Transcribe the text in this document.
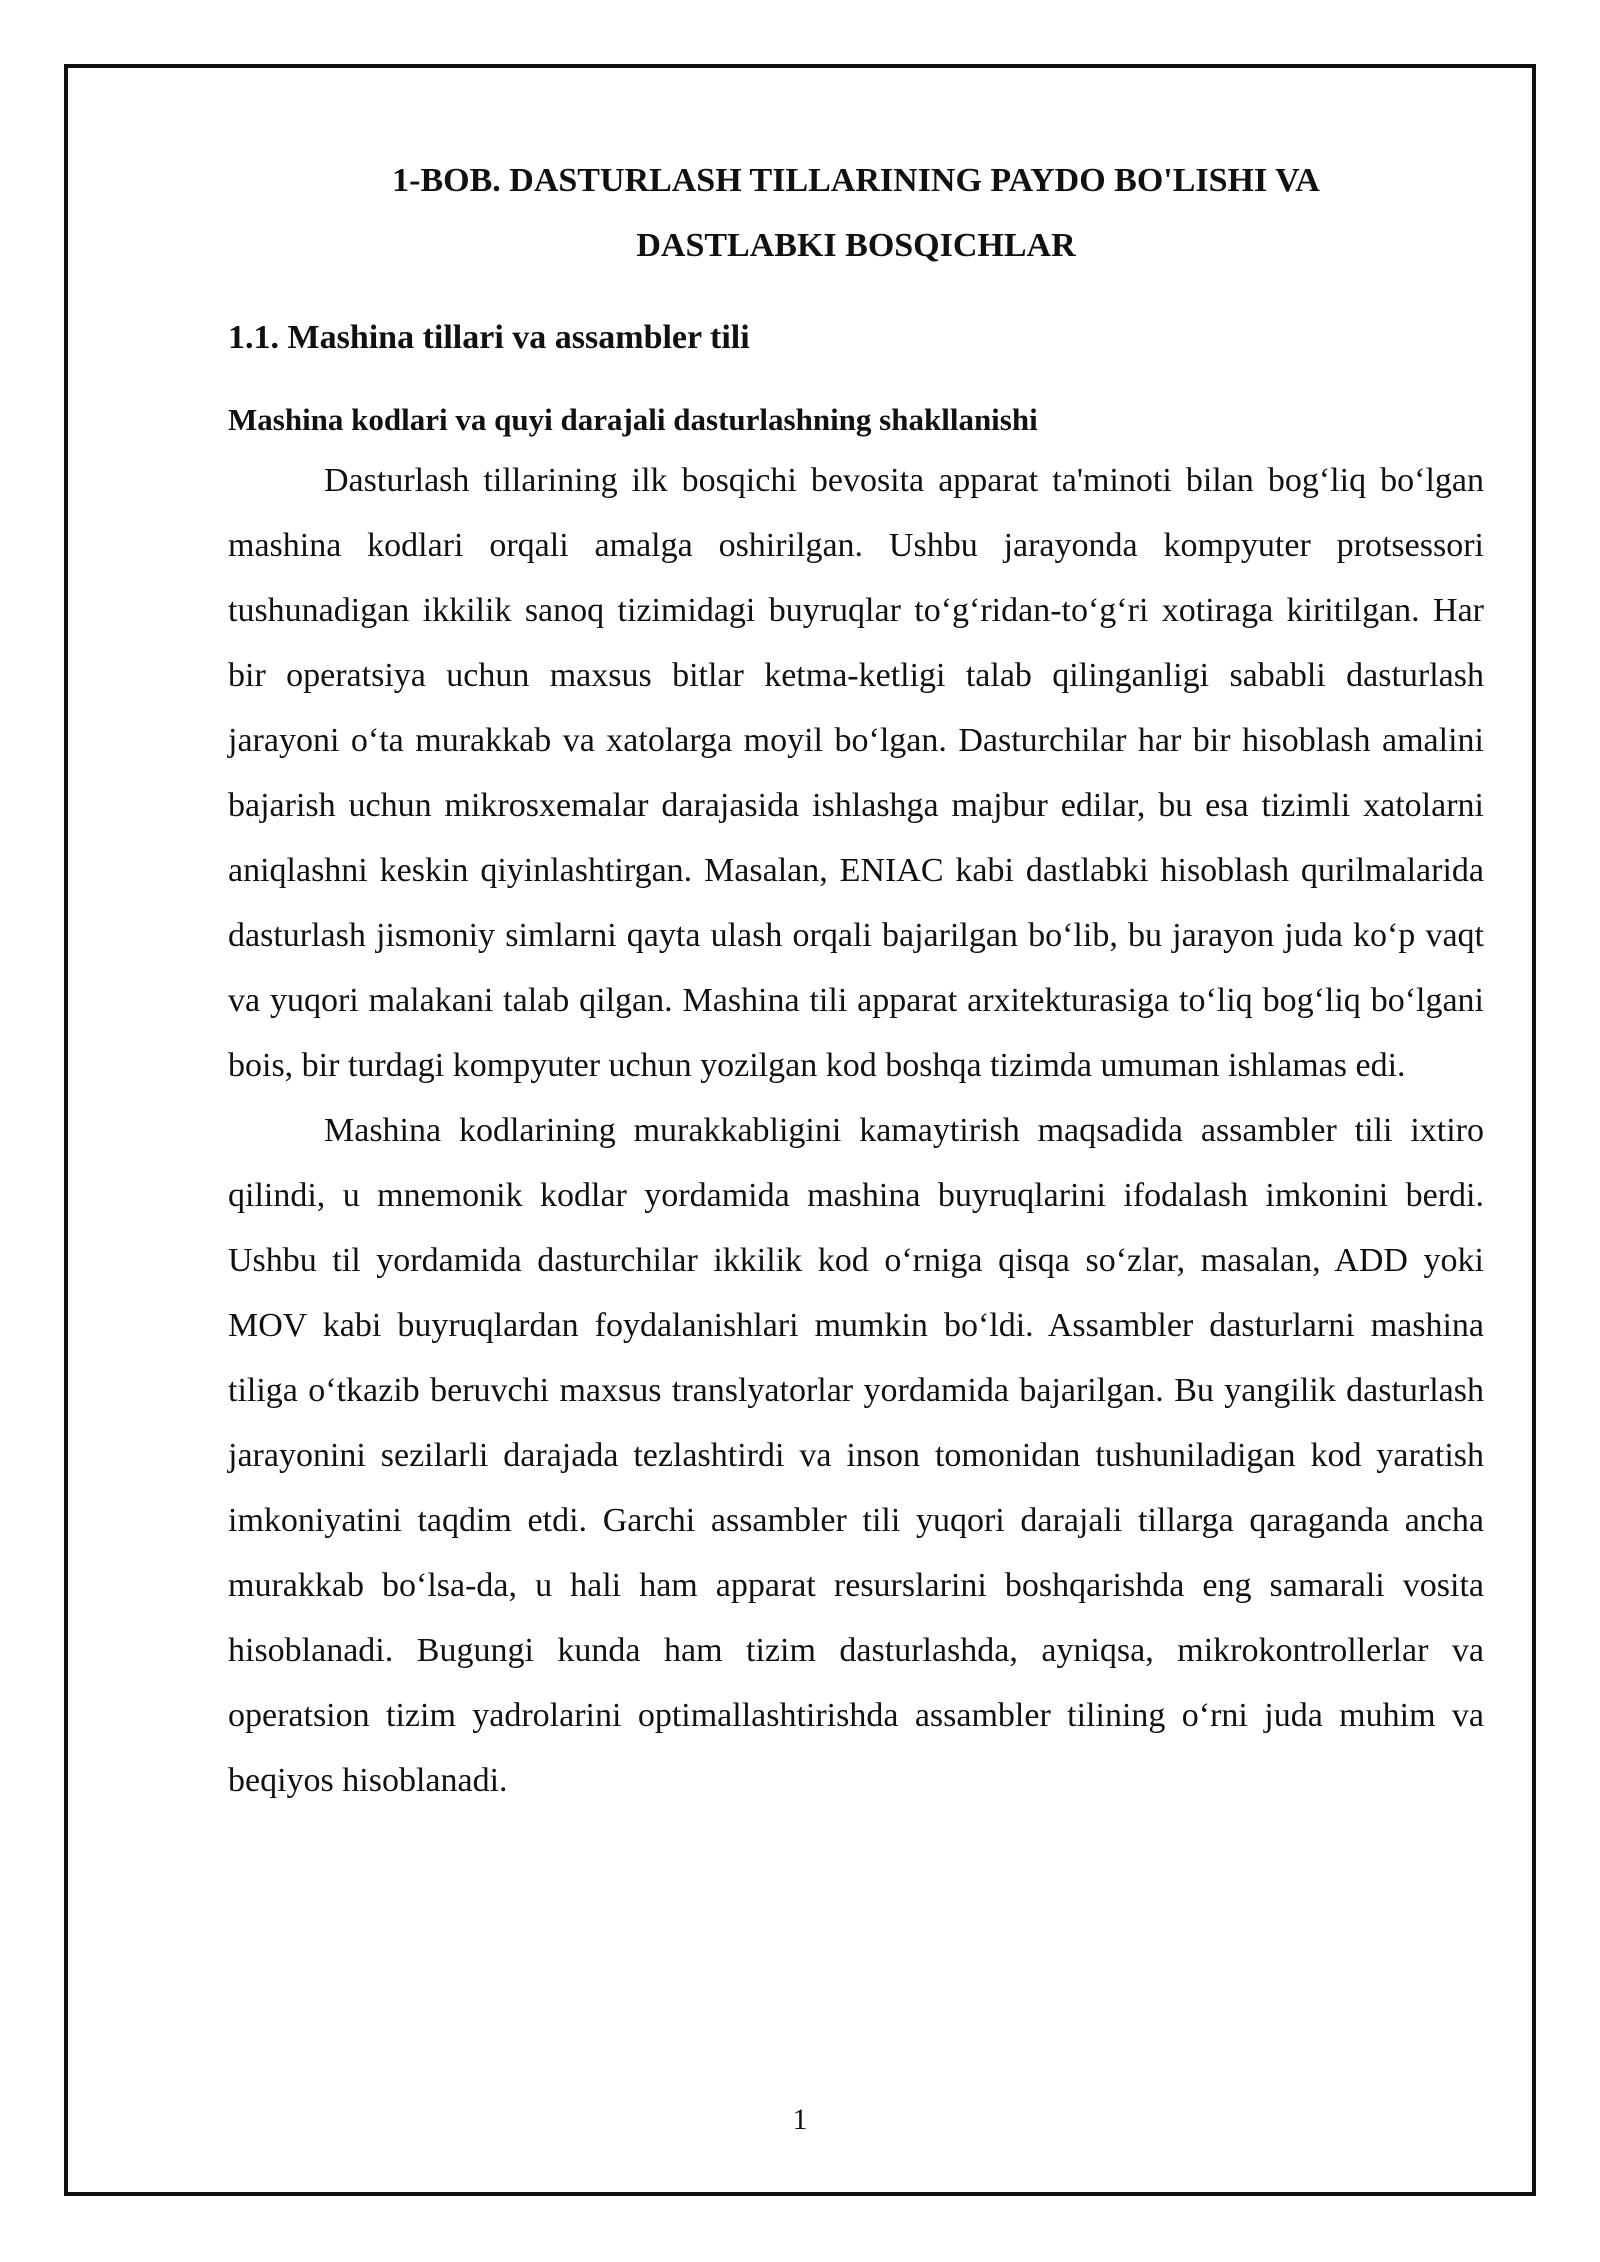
1-BOB. DASTURLASH TILLARINING PAYDO BO'LISHI VA
DASTLABKI BOSQICHLAR
1.1. Mashina tillari va assambler tili
Mashina kodlari va quyi darajali dasturlashning shakllanishi

Dasturlash tillarining ilk bosqichi bevosita apparat ta'minoti bilan bog‘liq bo‘lgan mashina kodlari orqali amalga oshirilgan. Ushbu jarayonda kompyuter protsessori tushunadigan ikkilik sanoq tizimidagi buyruqlar to‘g‘ridan-to‘g‘ri xotiraga kiritilgan. Har bir operatsiya uchun maxsus bitlar ketma-ketligi talab qilinganligi sababli dasturlash jarayoni o‘ta murakkab va xatolarga moyil bo‘lgan. Dasturchilar har bir hisoblash amalini bajarish uchun mikrosxemalar darajasida ishlashga majbur edilar, bu esa tizimli xatolarni aniqlashni keskin qiyinlashtirgan. Masalan, ENIAC kabi dastlabki hisoblash qurilmalarida dasturlash jismoniy simlarni qayta ulash orqali bajarilgan bo‘lib, bu jarayon juda ko‘p vaqt va yuqori malakani talab qilgan. Mashina tili apparat arxitekturasiga to‘liq bog‘liq bo‘lgani bois, bir turdagi kompyuter uchun yozilgan kod boshqa tizimda umuman ishlamas edi.

Mashina kodlarining murakkabligini kamaytirish maqsadida assambler tili ixtiro qilindi, u mnemonik kodlar yordamida mashina buyruqlarini ifodalash imkonini berdi. Ushbu til yordamida dasturchilar ikkilik kod o‘rniga qisqa so‘zlar, masalan, ADD yoki MOV kabi buyruqlardan foydalanishlari mumkin bo‘ldi. Assambler dasturlarni mashina tiliga o‘tkazib beruvchi maxsus translyatorlar yordamida bajarilgan. Bu yangilik dasturlash jarayonini sezilarli darajada tezlashtirdi va inson tomonidan tushuniladigan kod yaratish imkoniyatini taqdim etdi. Garchi assambler tili yuqori darajali tillarga qaraganda ancha murakkab bo‘lsa-da, u hali ham apparat resurslarini boshqarishda eng samarali vosita hisoblanadi. Bugungi kunda ham tizim dasturlashda, ayniqsa, mikrokontrollerlar va operatsion tizim yadrolarini optimallashtirishda assambler tilining o‘rni juda muhim va beqiyos hisoblanadi.

1
